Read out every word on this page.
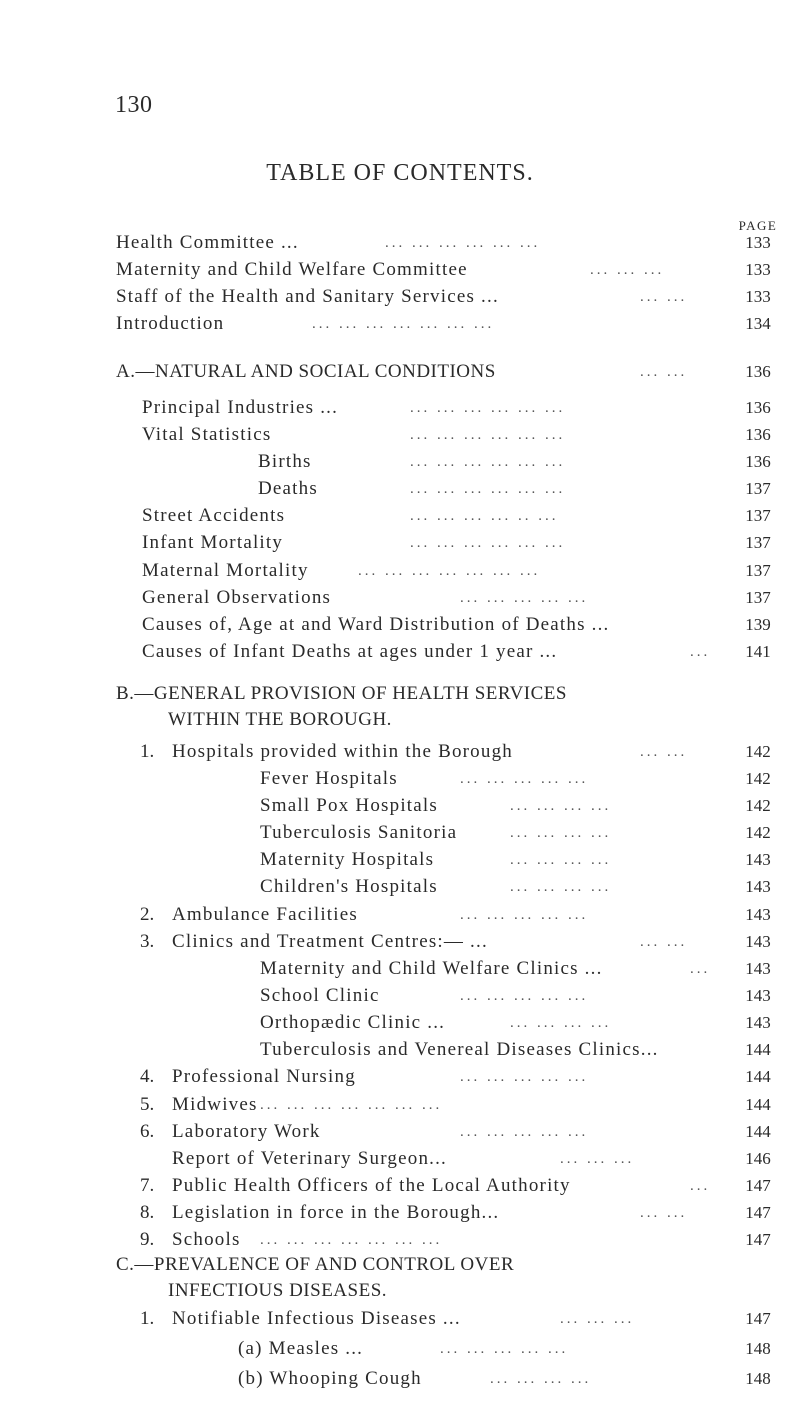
130
TABLE OF CONTENTS.
PAGE
Health Committee ...	... ... ... ... ... ...	133
Maternity and Child Welfare Committee	... ... ...	133
Staff of the Health and Sanitary Services ...	... ...	133
Introduction	... ... ... ... ... ... ...	134
A.—NATURAL AND SOCIAL CONDITIONS	... ...	136
Principal Industries ...	... ... ... ... ... ...	136
Vital Statistics	... ... ... ... ... ...	136
Births	... ... ... ... ... ...	136
Deaths	... ... ... ... ... ...	137
Street Accidents	... ... ... ... .. ...	137
Infant Mortality	... ... ... ... ... ...	137
Maternal Mortality	... ... ... ... ... ... ...	137
General Observations	... ... ... ... ...	137
Causes of, Age at and Ward Distribution of Deaths ...	139
Causes of Infant Deaths at ages under 1 year ...	... 141
B.—GENERAL PROVISION OF HEALTH SERVICES
WITHIN THE BOROUGH.
1. Hospitals provided within the Borough	... ...	142
Fever Hospitals	... ... ... ... ...	142
Small Pox Hospitals	... ... ... ...	142
Tuberculosis Sanitoria	... ... ... ...	142
Maternity Hospitals	... ... ... ...	143
Children's Hospitals	... ... ... ...	143
2. Ambulance Facilities	... ... ... ... ...	143
3. Clinics and Treatment Centres:— ...	... ...	143
Maternity and Child Welfare Clinics ...	... 143
School Clinic	... ... ... ... ...	143
Orthopædic Clinic ...	... ... ... ...	143
Tuberculosis and Venereal Diseases Clinics...	144
4. Professional Nursing	... ... ... ... ...	144
5. Midwives ... ... ... ... ... ... ...	144
6. Laboratory Work	... ... ... ... ...	144
Report of Veterinary Surgeon...	... ... ...	146
7. Public Health Officers of the Local Authority	... 147
8. Legislation in force in the Borough...	... ...	147
9. Schools ... ... ... ... ... ... ...	147
C.—PREVALENCE OF AND CONTROL OVER
INFECTIOUS DISEASES.
1. Notifiable Infectious Diseases ...	... ... ...	147
(a) Measles ...	... ... ... ... ...	148
(b) Whooping Cough	... ... ... ...	148
